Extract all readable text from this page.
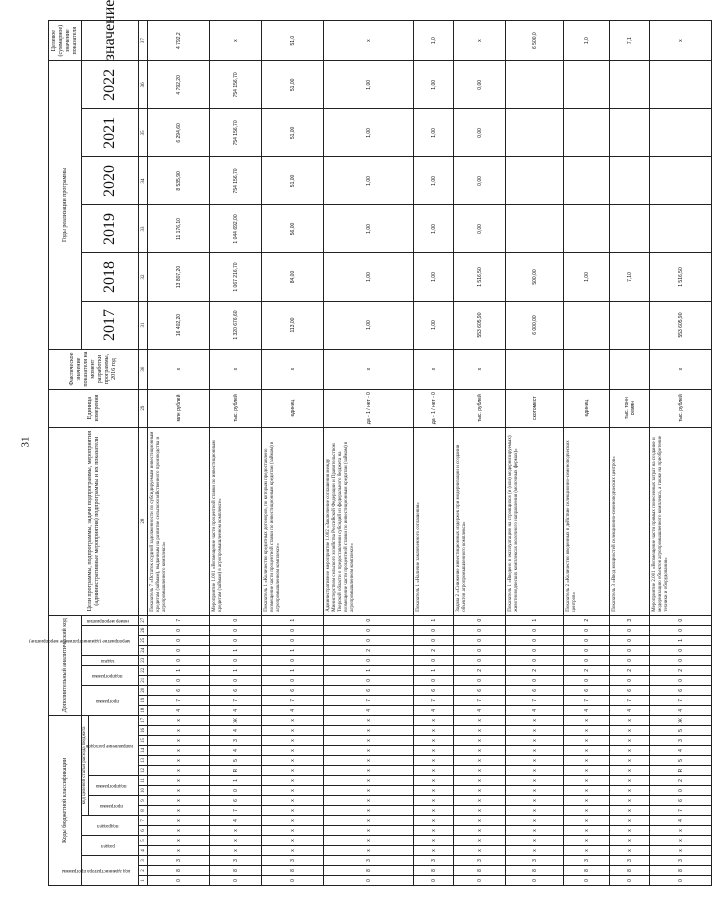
31
Коды бюджетной классификации																	Дополнительный аналитический код										Цели программы, подпрограммы, задачи подпрограммы, мероприятия (административные мероприятия) подпрограммы и их показатели	Единица измерения	Фактическое значение показателя на момент разработки программы, 2016 год	Годы реализации программы						Целевое (суммарное) значение показателя
код администратора программы			раздел		подраздел		код целевой статьи расхода бюджета										программа			подпрограмма		задача	мероприятие (административное мероприятие)			номер мероприятия				2017	2018	2019	2020	2021	2022	значение
							программа		подпрограмма		направление расходов																									
1	2	3	4	5	6	7	8	9	10	11	12	13	14	15	16	17	18	19	20	21	22	23	24	25	26	27	28	29	30	31	32	33	34	35	36	37
0	8	3	х	х	х	х	х	х	х	х	х	х	х	х	х	х	4	7	6	0	1	0	0	0	0	7	Показатель 7 «Остаток ссудной задолженности по субсидируемым инвестиционным кредитам (займам), выданным на развитие сельскохозяйственного производства и агропромышленного комплекса»	млн рублей	х	16 402,20	13 807,20	11 176,10	8 535,90	6 294,60	4 792,20	4 792,2
0	8	3	х	х	х	4	7	6	0	1	R	5	4	3	4	Ж	4	7	6	0	1	0	1	0	0	0	Мероприятие 1.001 «Возмещение части процентной ставки по инвестиционным кредитам (займам) в агропромышленном комплексе»	тыс. рублей	х	1 320 676,60	1 067 216,70	1 044 692,00	754 156,70	754 156,70	754 156,70	х
0	8	3	х	х	х	х	х	х	х	х	х	х	х	х	х	х	4	7	6	0	1	0	1	0	0	1	Показатель 1 «Количество кредитных договоров, по которым предоставлено возмещение части процентной ставки по инвестиционным кредитам (займам) в агропромышленном комплексе»	единиц	х	113,00	84,00	56,00	51,00	51,00	51,00	51,0
0	8	3	х	х	х	х	х	х	х	х	х	х	х	х	х	х	4	7	6	0	1	0	2	0	0	0	Административное мероприятие 1.002 «Заключение соглашения между Министерством сельского хозяйства Российской Федерации и Правительством Тверской области о предоставлении субсидий из федерального бюджета на возмещение части процентной ставки по инвестиционным кредитам (займам) в агропромышленном комплексе»	да - 1 / нет - 0	х	1,00	1,00	1,00	1,00	1,00	1,00	х
0	8	3	х	х	х	х	х	х	х	х	х	х	х	х	х	х	4	7	6	0	1	0	2	0	0	1	Показатель 1 «Наличие заключенного соглашения»	да - 1 / нет - 0	х	1,00	1,00	1,00	1,00	1,00	1,00	1,0
0	8	3	х	х	х	х	х	х	х	х	х	х	х	х	х	х	4	7	6	0	2	0	0	0	0	0	Задача 2 «Снижение инвестиционных издержек при модернизации и создании объектов агропромышленного комплекса»	тыс. рублей	х	553 605,90	1 516,50	0,00	0,00	0,00	0,00	х
0	8	3	х	х	х	х	х	х	х	х	х	х	х	х	х	х	4	7	6	0	2	0	0	0	0	1	Показатель 1 «Введено в эксплуатацию на строящихся (и (или) модернизируемых) животноводческих комплексах молочного направления (молочных фермах)»	скотомест		6 000,00	500,00					6 500,0
0	8	3	х	х	х	х	х	х	х	х	х	х	х	х	х	х	4	7	6	0	2	0	0	0	0	2	Показатель 2 «Количество введенных в действие селекционно-семеноводческих центров»	единиц			1,00					1,0
0	8	3	х	х	х	х	х	х	х	х	х	х	х	х	х	х	4	7	6	0	2	0	0	0	0	3	Показатель 3 «Ввод мощностей селекционно-семеноводческих центров»	тыс. тонн семян			7,10					7,1
0	8	3	х	х	х	4	7	6	0	2	R	5	4	3	5	Ж	4	7	6	0	2	0	0	1	0	0	Мероприятие 2.001 «Возмещение части прямых понесенных затрат на создание и модернизацию объектов агропромышленного комплекса, а также на приобретение техники и оборудования»	тыс. рублей	х	553 605,90	1 516,50					х
